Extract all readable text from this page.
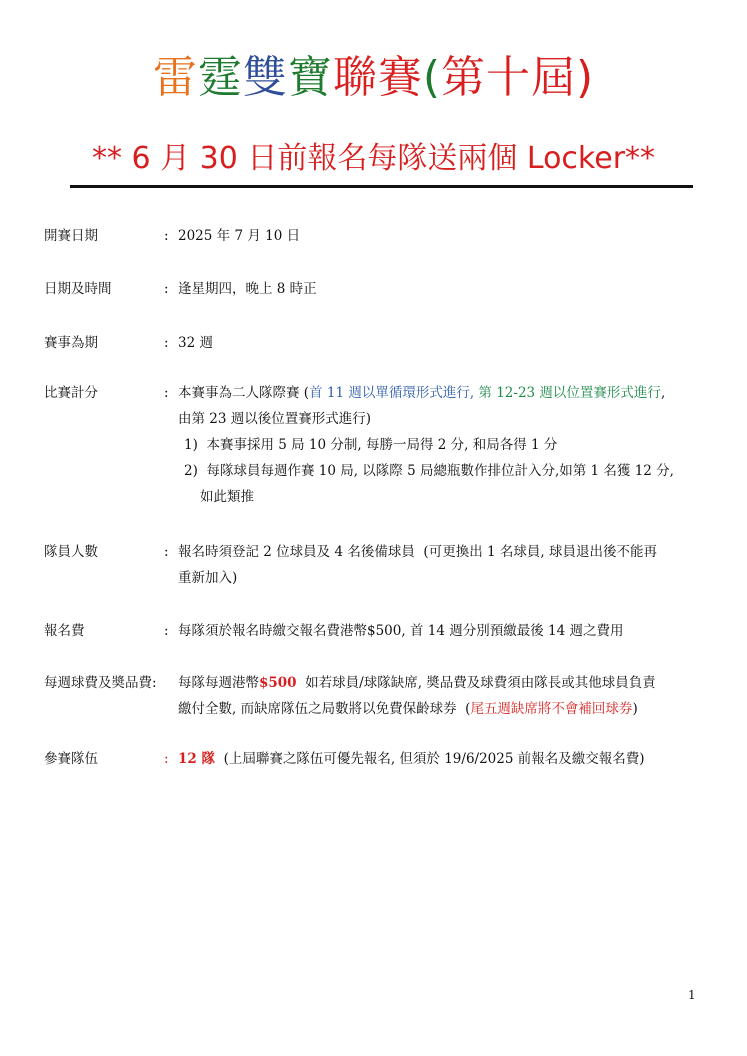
雷霆雙寶聯賽(第十屆)
** 6 月 30 日前報名每隊送兩個 Locker**
開賽日期	: 2025 年 7 月 10 日
日期及時間	: 逢星期四，晚上 8 時正
賽事為期	: 32 週
比賽計分	: 本賽事為二人隊際賽 (首 11 週以單循環形式進行, 第 12-23 週以位置賽形式進行,
由第 23 週以後位置賽形式進行)
1)  本賽事採用 5 局 10 分制, 每勝一局得 2 分, 和局各得 1 分
2)  每隊球員每週作賽 10 局, 以隊際 5 局總瓶數作排位計入分,如第 1 名獲 12 分,
如此類推
隊員人數	: 報名時須登記 2 位球員及 4 名後備球員  (可更換出 1 名球員, 球員退出後不能再
重新加入)
報名費	: 每隊須於報名時繳交報名費港幣$500, 首 14 週分別預繳最後 14 週之費用
每週球費及奬品費: 每隊每週港幣$500  如若球員/球隊缺席, 奬品費及球費須由隊長或其他球員負責
繳付全數, 而缺席隊伍之局數將以免費保齡球券  (尾五週缺席將不會補回球券)
參賽隊伍	: 12 隊  (上屆聯賽之隊伍可優先報名, 但須於 19/6/2025 前報名及繳交報名費)
1
